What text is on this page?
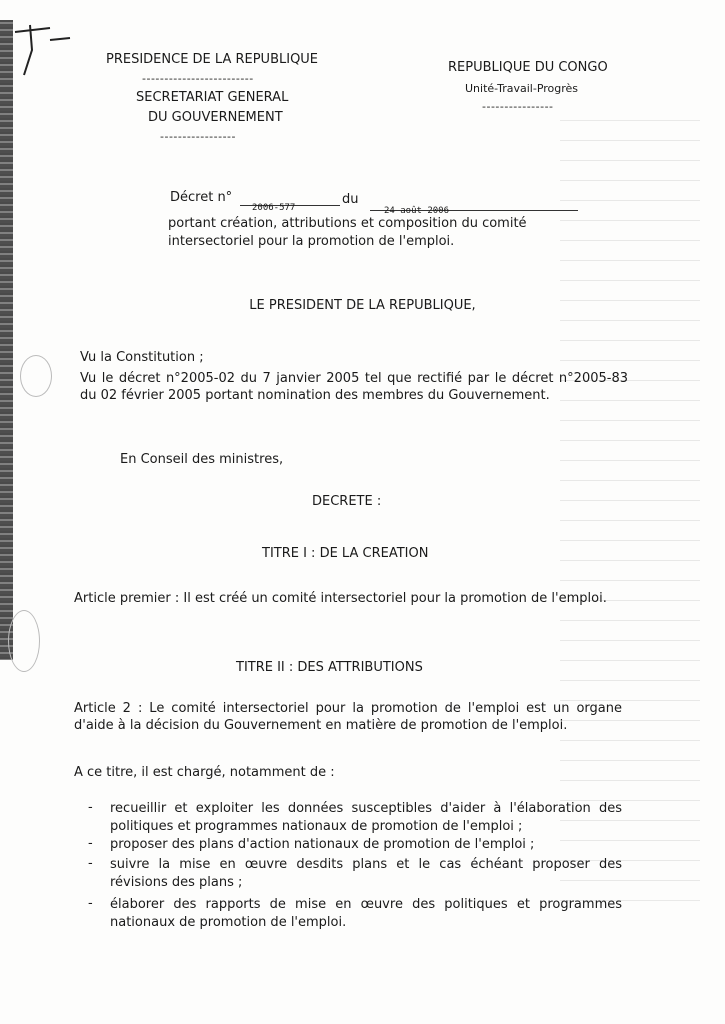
PRESIDENCE DE LA REPUBLIQUE
-------------------------
SECRETARIAT GENERAL
DU GOUVERNEMENT
-----------------
REPUBLIQUE DU CONGO
Unité-Travail-Progrès
----------------
Décret n°
2006-577
du
24 août 2006
portant création, attributions et composition du comité
intersectoriel pour la promotion de l'emploi.
LE PRESIDENT DE LA REPUBLIQUE,
Vu la Constitution ;
Vu le décret n°2005-02 du 7 janvier 2005 tel que rectifié par le décret n°2005-83 du 02 février 2005 portant nomination des membres du Gouvernement.
En Conseil des ministres,
DECRETE :
TITRE I : DE LA CREATION
Article premier : Il est créé un comité intersectoriel pour la promotion de l'emploi.
TITRE II : DES ATTRIBUTIONS
Article 2 : Le comité intersectoriel pour la promotion de l'emploi est un organe d'aide à la décision du Gouvernement en matière de promotion de l'emploi.
A ce titre, il est chargé, notamment de :
- recueillir et exploiter les données susceptibles d'aider à l'élaboration des politiques et programmes nationaux de promotion de l'emploi ;
- proposer des plans d'action nationaux de promotion de l'emploi ;
- suivre la mise en œuvre desdits plans et le cas échéant proposer des révisions des plans ;
- élaborer des rapports de mise en œuvre des politiques et programmes nationaux de promotion de l'emploi.
